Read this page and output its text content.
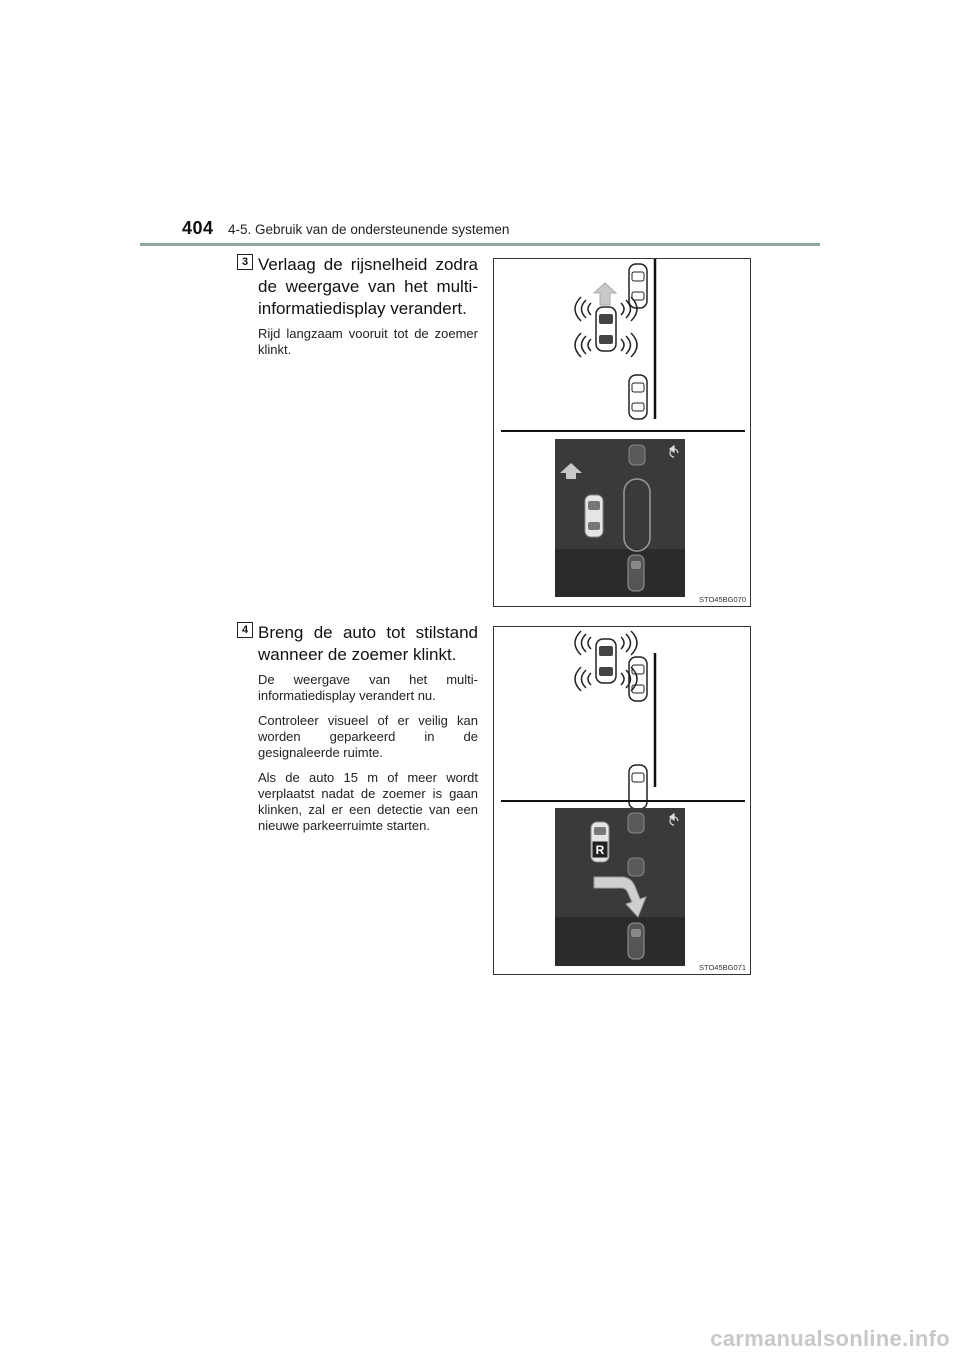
404 4-5. Gebruik van de ondersteunende systemen
3 Verlaag de rijsnelheid zodra de weergave van het multi-informatiedisplay verandert.

Rijd langzaam vooruit tot de zoemer klinkt.

STO45BG070
4 Breng de auto tot stilstand wanneer de zoemer klinkt.

De weergave van het multi-informatiedisplay verandert nu.

Controleer visueel of er veilig kan worden geparkeerd in de gesignaleerde ruimte.

Als de auto 15 m of meer wordt verplaatst nadat de zoemer is gaan klinken, zal er een detectie van een nieuwe parkeerruimte starten.

R
STO45BG071
carmanualsonline.info
